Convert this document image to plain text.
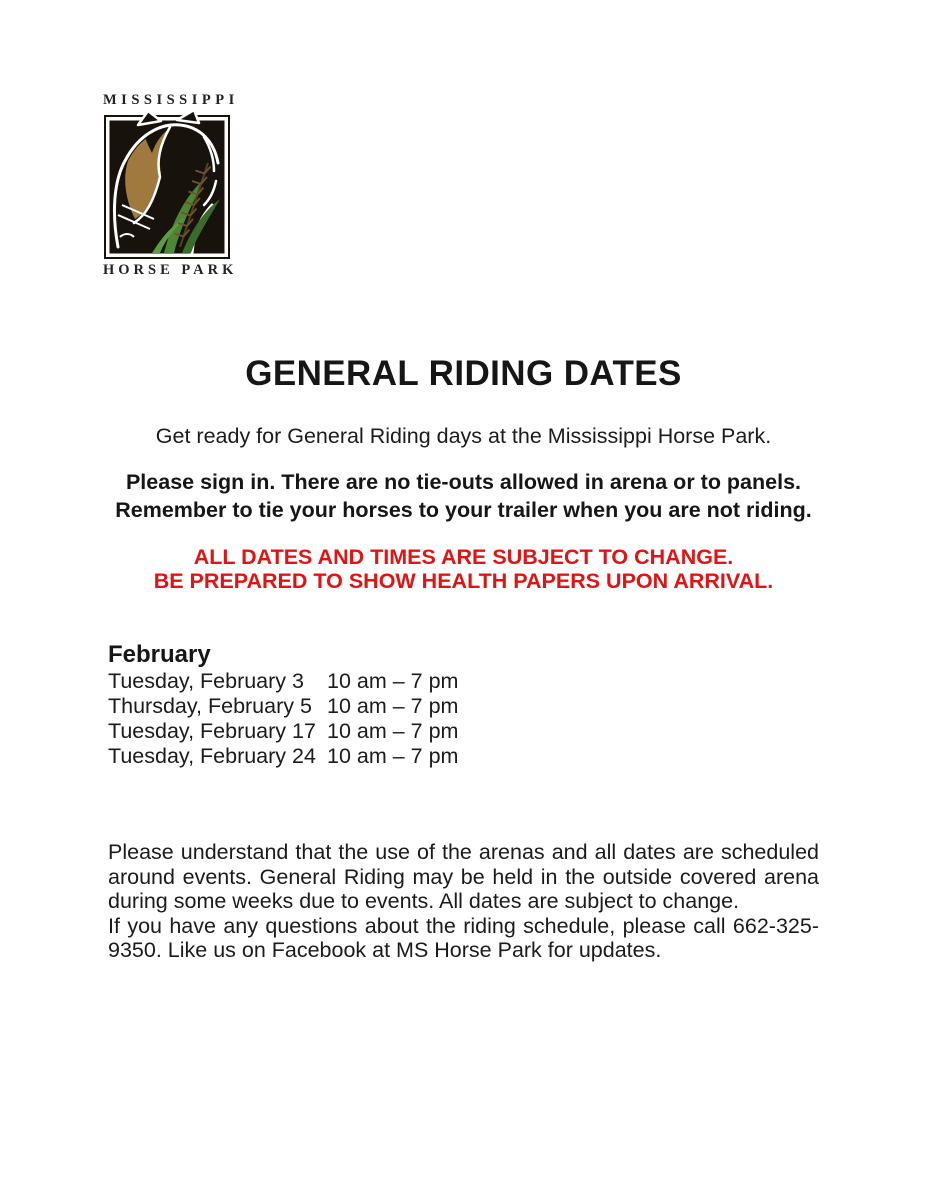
MISSISSIPPI
HORSE PARK
GENERAL RIDING DATES
Get ready for General Riding days at the Mississippi Horse Park.
Please sign in. There are no tie-outs allowed in arena or to panels.
Remember to tie your horses to your trailer when you are not riding.
ALL DATES AND TIMES ARE SUBJECT TO CHANGE.
BE PREPARED TO SHOW HEALTH PAPERS UPON ARRIVAL.
February
Tuesday, February 3	10 am – 7 pm
Thursday, February 5 10 am – 7 pm
Tuesday, February 17 10 am – 7 pm
Tuesday, February 24 10 am – 7 pm

Please understand that the use of the arenas and all dates are scheduled around events. General Riding may be held in the outside covered arena during some weeks due to events. All dates are subject to change.

If you have any questions about the riding schedule, please call 662-325-9350. Like us on Facebook at MS Horse Park for updates.
